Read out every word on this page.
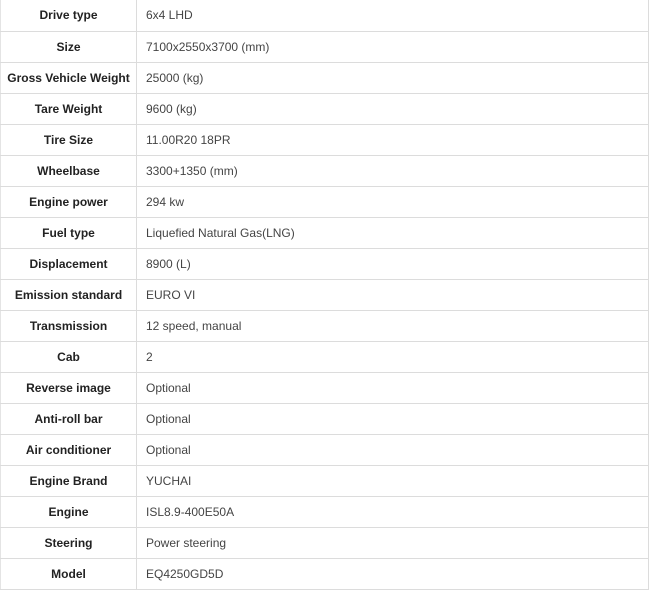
Drive type	6x4 LHD
Size	7100x2550x3700 (mm)
Gross Vehicle Weight	25000 (kg)
Tare Weight	9600 (kg)
Tire Size	11.00R20 18PR
Wheelbase	3300+1350 (mm)
Engine power	294 kw
Fuel type	Liquefied Natural Gas(LNG)
Displacement	8900 (L)
Emission standard	EURO VI
Transmission	12 speed, manual
Cab	2
Reverse image	Optional
Anti-roll bar	Optional
Air conditioner	Optional
Engine Brand	YUCHAI
Engine	ISL8.9-400E50A
Steering	Power steering
Model	EQ4250GD5D
